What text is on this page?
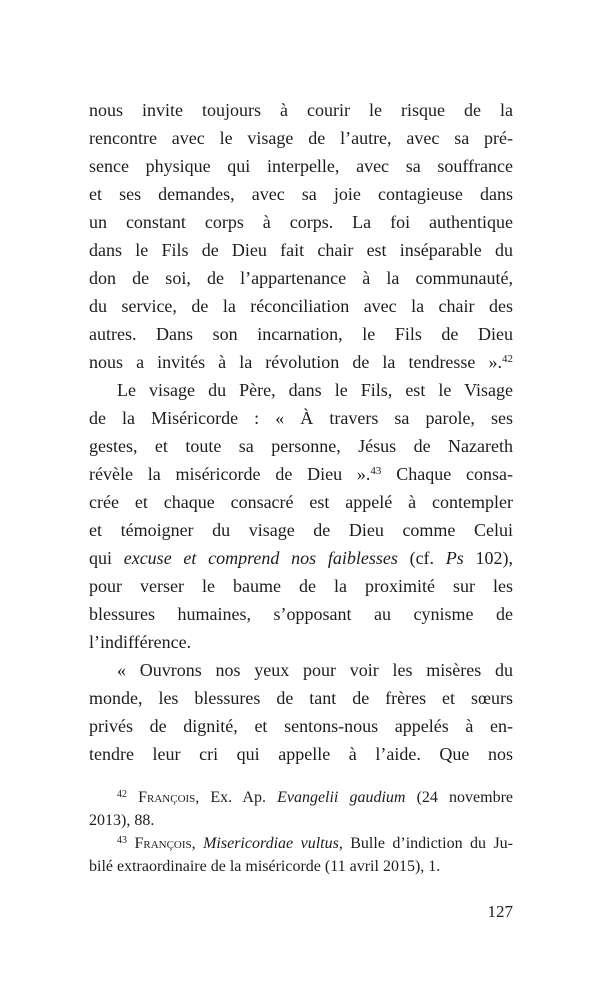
nous invite toujours à courir le risque de la
rencontre avec le visage de l’autre, avec sa pré-
sence physique qui interpelle, avec sa souffrance
et ses demandes, avec sa joie contagieuse dans
un constant corps à corps. La foi authentique
dans le Fils de Dieu fait chair est inséparable du
don de soi, de l’appartenance à la communauté,
du service, de la réconciliation avec la chair des
autres. Dans son incarnation, le Fils de Dieu
nous a invités à la révolution de la tendresse ».$^{42}$
Le visage du Père, dans le Fils, est le Visage
de la Miséricorde : « À travers sa parole, ses
gestes, et toute sa personne, Jésus de Nazareth
révèle la miséricorde de Dieu ».$^{43}$ Chaque consa-
crée et chaque consacré est appelé à contempler
et témoigner du visage de Dieu comme Celui
qui excuse et comprend nos faiblesses (cf. Ps 102),
pour verser le baume de la proximité sur les
blessures humaines, s’opposant au cynisme de
l’indifférence.
« Ouvrons nos yeux pour voir les misères du
monde, les blessures de tant de frères et sœurs
privés de dignité, et sentons-nous appelés à en-
tendre leur cri qui appelle à l’aide. Que nos
$^{42}$ François, Ex. Ap. Evangelii gaudium (24 novembre
2013), 88.
$^{43}$ François, Misericordiae vultus, Bulle d’indiction du Ju-
bilé extraordinaire de la miséricorde (11 avril 2015), 1.
127
